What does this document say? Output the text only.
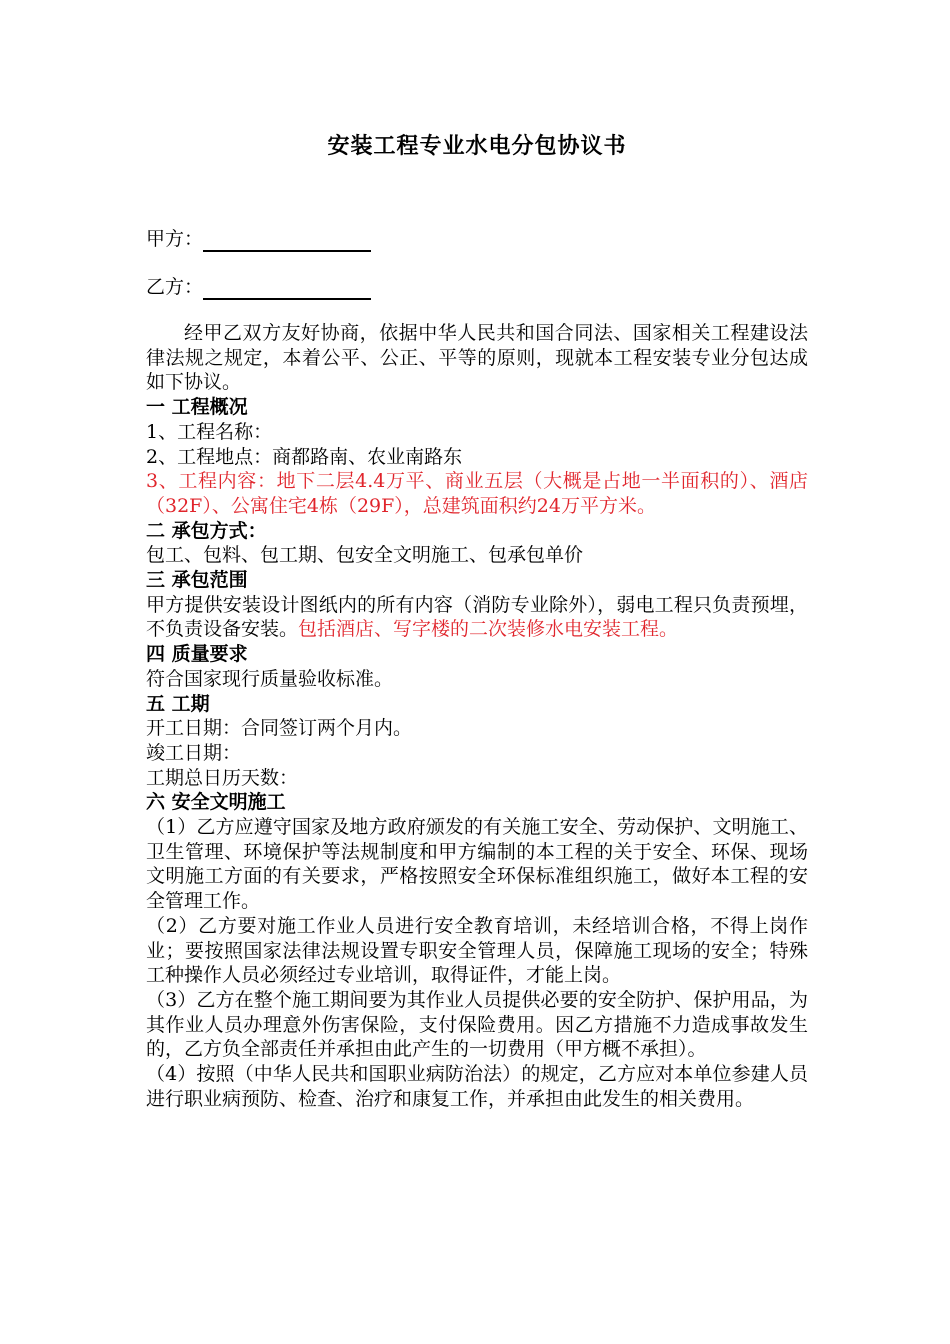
安装工程专业水电分包协议书
甲方：
乙方：

经甲乙双方友好协商，依据中华人民共和国合同法、国家相关工程建设法律法规之规定，本着公平、公正、平等的原则，现就本工程安装专业分包达成如下协议。

一 工程概况

1、工程名称：

2、工程地点：商都路南、农业南路东

3、工程内容：地下二层4.4万平、商业五层（大概是占地一半面积的）、酒店（32F）、公寓住宅4栋（29F），总建筑面积约24万平方米。

二 承包方式：

包工、包料、包工期、包安全文明施工、包承包单价

三 承包范围

甲方提供安装设计图纸内的所有内容（消防专业除外），弱电工程只负责预埋，不负责设备安装。包括酒店、写字楼的二次装修水电安装工程。

四 质量要求

符合国家现行质量验收标准。

五 工期

开工日期：合同签订两个月内。

竣工日期：

工期总日历天数：

六 安全文明施工

（1）乙方应遵守国家及地方政府颁发的有关施工安全、劳动保护、文明施工、卫生管理、环境保护等法规制度和甲方编制的本工程的关于安全、环保、现场文明施工方面的有关要求，严格按照安全环保标准组织施工，做好本工程的安全管理工作。

（2）乙方要对施工作业人员进行安全教育培训，未经培训合格，不得上岗作业；要按照国家法律法规设置专职安全管理人员，保障施工现场的安全；特殊工种操作人员必须经过专业培训，取得证件，才能上岗。

（3）乙方在整个施工期间要为其作业人员提供必要的安全防护、保护用品，为其作业人员办理意外伤害保险，支付保险费用。因乙方措施不力造成事故发生的，乙方负全部责任并承担由此产生的一切费用（甲方概不承担）。

（4）按照（中华人民共和国职业病防治法）的规定，乙方应对本单位参建人员进行职业病预防、检查、治疗和康复工作，并承担由此发生的相关费用。
